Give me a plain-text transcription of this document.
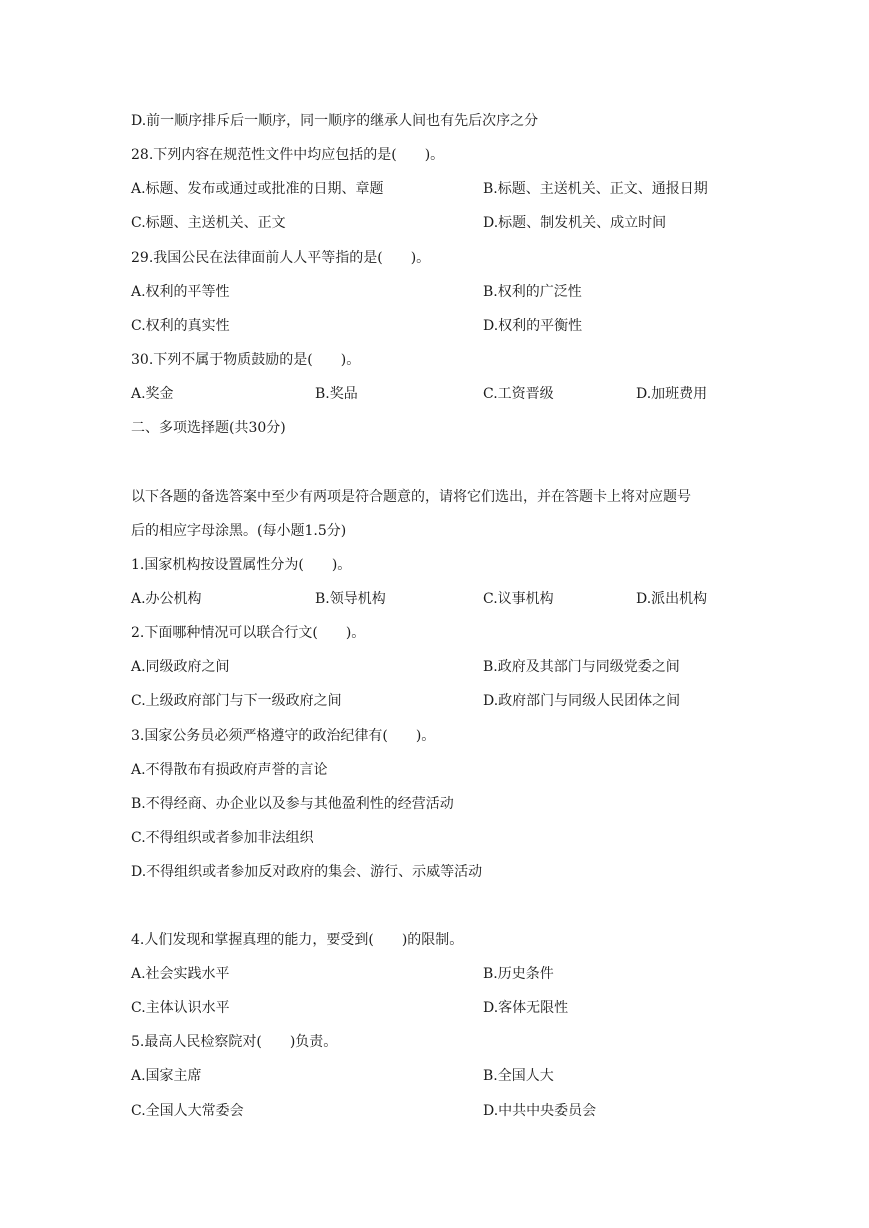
D.前一顺序排斥后一顺序，同一顺序的继承人间也有先后次序之分
28.下列内容在规范性文件中均应包括的是(　　)。
A.标题、发布或通过或批准的日期、章题	B.标题、主送机关、正文、通报日期
C.标题、主送机关、正文	D.标题、制发机关、成立时间
29.我国公民在法律面前人人平等指的是(　　)。
A.权利的平等性	B.权利的广泛性
C.权利的真实性	D.权利的平衡性
30.下列不属于物质鼓励的是(　　)。
A.奖金	B.奖品	C.工资晋级	D.加班费用
二、多项选择题(共30分)
以下各题的备选答案中至少有两项是符合题意的，请将它们选出，并在答题卡上将对应题号
后的相应字母涂黑。(每小题1.5分)
1.国家机构按设置属性分为(　　)。
A.办公机构	B.领导机构	C.议事机构	D.派出机构
2.下面哪种情况可以联合行文(　　)。
A.同级政府之间	B.政府及其部门与同级党委之间
C.上级政府部门与下一级政府之间	D.政府部门与同级人民团体之间
3.国家公务员必须严格遵守的政治纪律有(　　)。
A.不得散布有损政府声誉的言论
B.不得经商、办企业以及参与其他盈利性的经营活动
C.不得组织或者参加非法组织
D.不得组织或者参加反对政府的集会、游行、示威等活动
4.人们发现和掌握真理的能力，要受到(　　)的限制。
A.社会实践水平	B.历史条件
C.主体认识水平	D.客体无限性
5.最高人民检察院对(　　)负责。
A.国家主席	B.全国人大
C.全国人大常委会	D.中共中央委员会
